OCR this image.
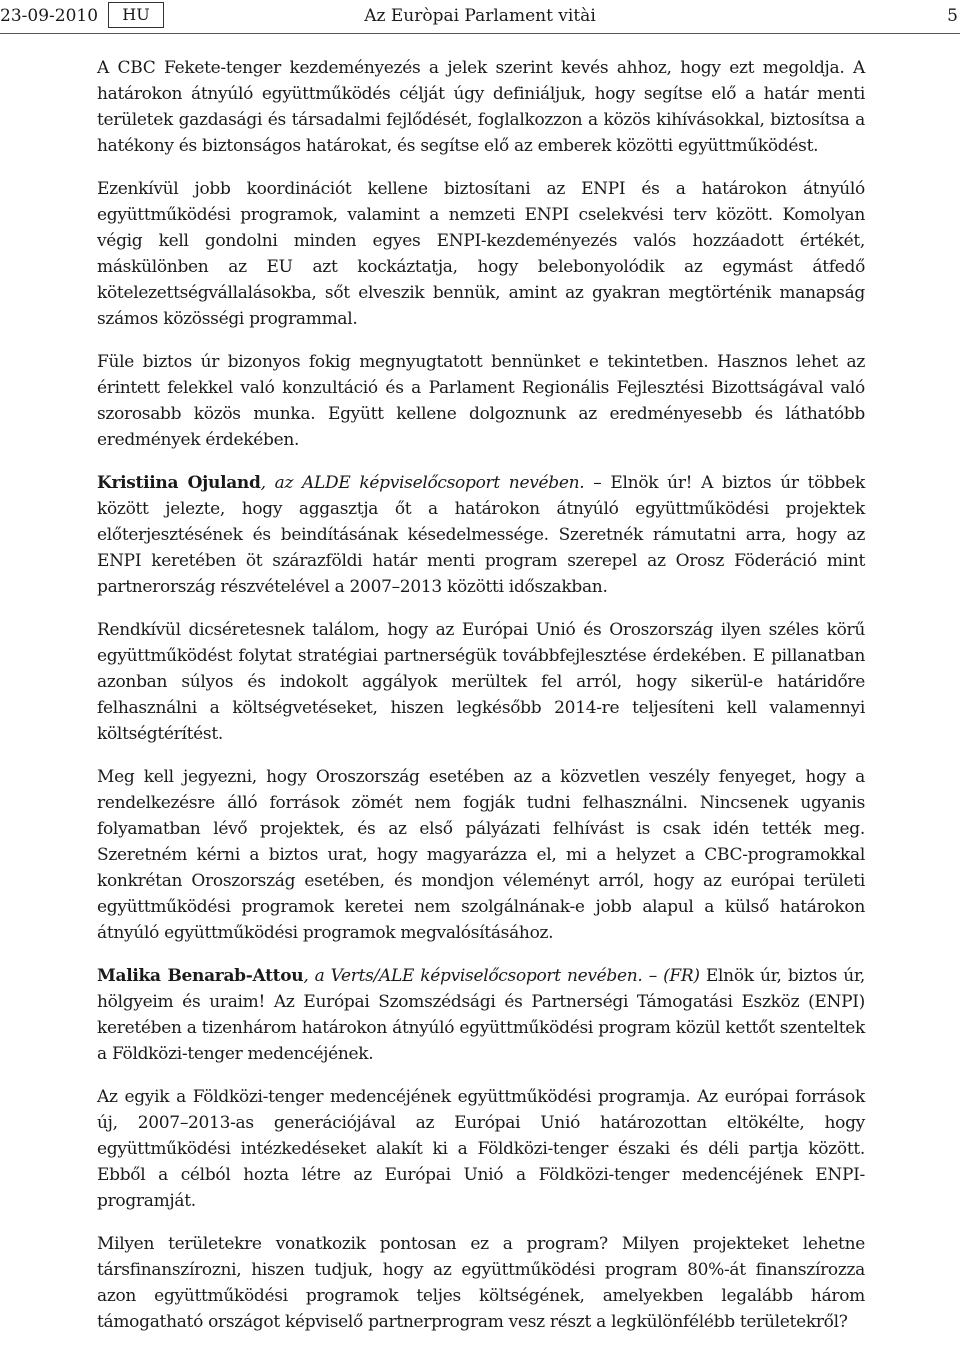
23-09-2010	HU	Az Euròpai Parlament vitài	5

A CBC Fekete-tenger kezdeményezés a jelek szerint kevés ahhoz, hogy ezt megoldja. A határokon átnyúló együttműködés célját úgy definiáljuk, hogy segítse elő a határ menti területek gazdasági és társadalmi fejlődését, foglalkozzon a közös kihívásokkal, biztosítsa a hatékony és biztonságos határokat, és segítse elő az emberek közötti együttműködést.

Ezenkívül jobb koordinációt kellene biztosítani az ENPI és a határokon átnyúló együttműködési programok, valamint a nemzeti ENPI cselekvési terv között. Komolyan végig kell gondolni minden egyes ENPI-kezdeményezés valós hozzáadott értékét, máskülönben az EU azt kockáztatja, hogy belebonyolódik az egymást átfedő kötelezettségvállalásokba, sőt elveszik bennük, amint az gyakran megtörténik manapság számos közösségi programmal.

Füle biztos úr bizonyos fokig megnyugtatott bennünket e tekintetben. Hasznos lehet az érintett felekkel való konzultáció és a Parlament Regionális Fejlesztési Bizottságával való szorosabb közös munka. Együtt kellene dolgoznunk az eredményesebb és láthatóbb eredmények érdekében.

Kristiina Ojuland, az ALDE képviselőcsoport nevében. – Elnök úr! A biztos úr többek között jelezte, hogy aggasztja őt a határokon átnyúló együttműködési projektek előterjesztésének és beindításának késedelmessége. Szeretnék rámutatni arra, hogy az ENPI keretében öt szárazföldi határ menti program szerepel az Orosz Föderáció mint partnerország részvételével a 2007–2013 közötti időszakban.

Rendkívül dicséretesnek találom, hogy az Európai Unió és Oroszország ilyen széles körű együttműködést folytat stratégiai partnerségük továbbfejlesztése érdekében. E pillanatban azonban súlyos és indokolt aggályok merültek fel arról, hogy sikerül-e határidőre felhasználni a költségvetéseket, hiszen legkésőbb 2014-re teljesíteni kell valamennyi költségtérítést.

Meg kell jegyezni, hogy Oroszország esetében az a közvetlen veszély fenyeget, hogy a rendelkezésre álló források zömét nem fogják tudni felhasználni. Nincsenek ugyanis folyamatban lévő projektek, és az első pályázati felhívást is csak idén tették meg. Szeretném kérni a biztos urat, hogy magyarázza el, mi a helyzet a CBC-programokkal konkrétan Oroszország esetében, és mondjon véleményt arról, hogy az európai területi együttműködési programok keretei nem szolgálnának-e jobb alapul a külső határokon átnyúló együttműködési programok megvalósításához.

Malika Benarab-Attou, a Verts/ALE képviselőcsoport nevében. – (FR) Elnök úr, biztos úr, hölgyeim és uraim! Az Európai Szomszédsági és Partnerségi Támogatási Eszköz (ENPI) keretében a tizenhárom határokon átnyúló együttműködési program közül kettőt szenteltek a Földközi-tenger medencéjének.

Az egyik a Földközi-tenger medencéjének együttműködési programja. Az európai források új, 2007–2013-as generációjával az Európai Unió határozottan eltökélte, hogy együttműködési intézkedéseket alakít ki a Földközi-tenger északi és déli partja között. Ebből a célból hozta létre az Európai Unió a Földközi-tenger medencéjének ENPI-programját.

Milyen területekre vonatkozik pontosan ez a program? Milyen projekteket lehetne társfinanszírozni, hiszen tudjuk, hogy az együttműködési program 80%-át finanszírozza azon együttműködési programok teljes költségének, amelyekben legalább három támogatható országot képviselő partnerprogram vesz részt a legkülönfélébb területekről?
